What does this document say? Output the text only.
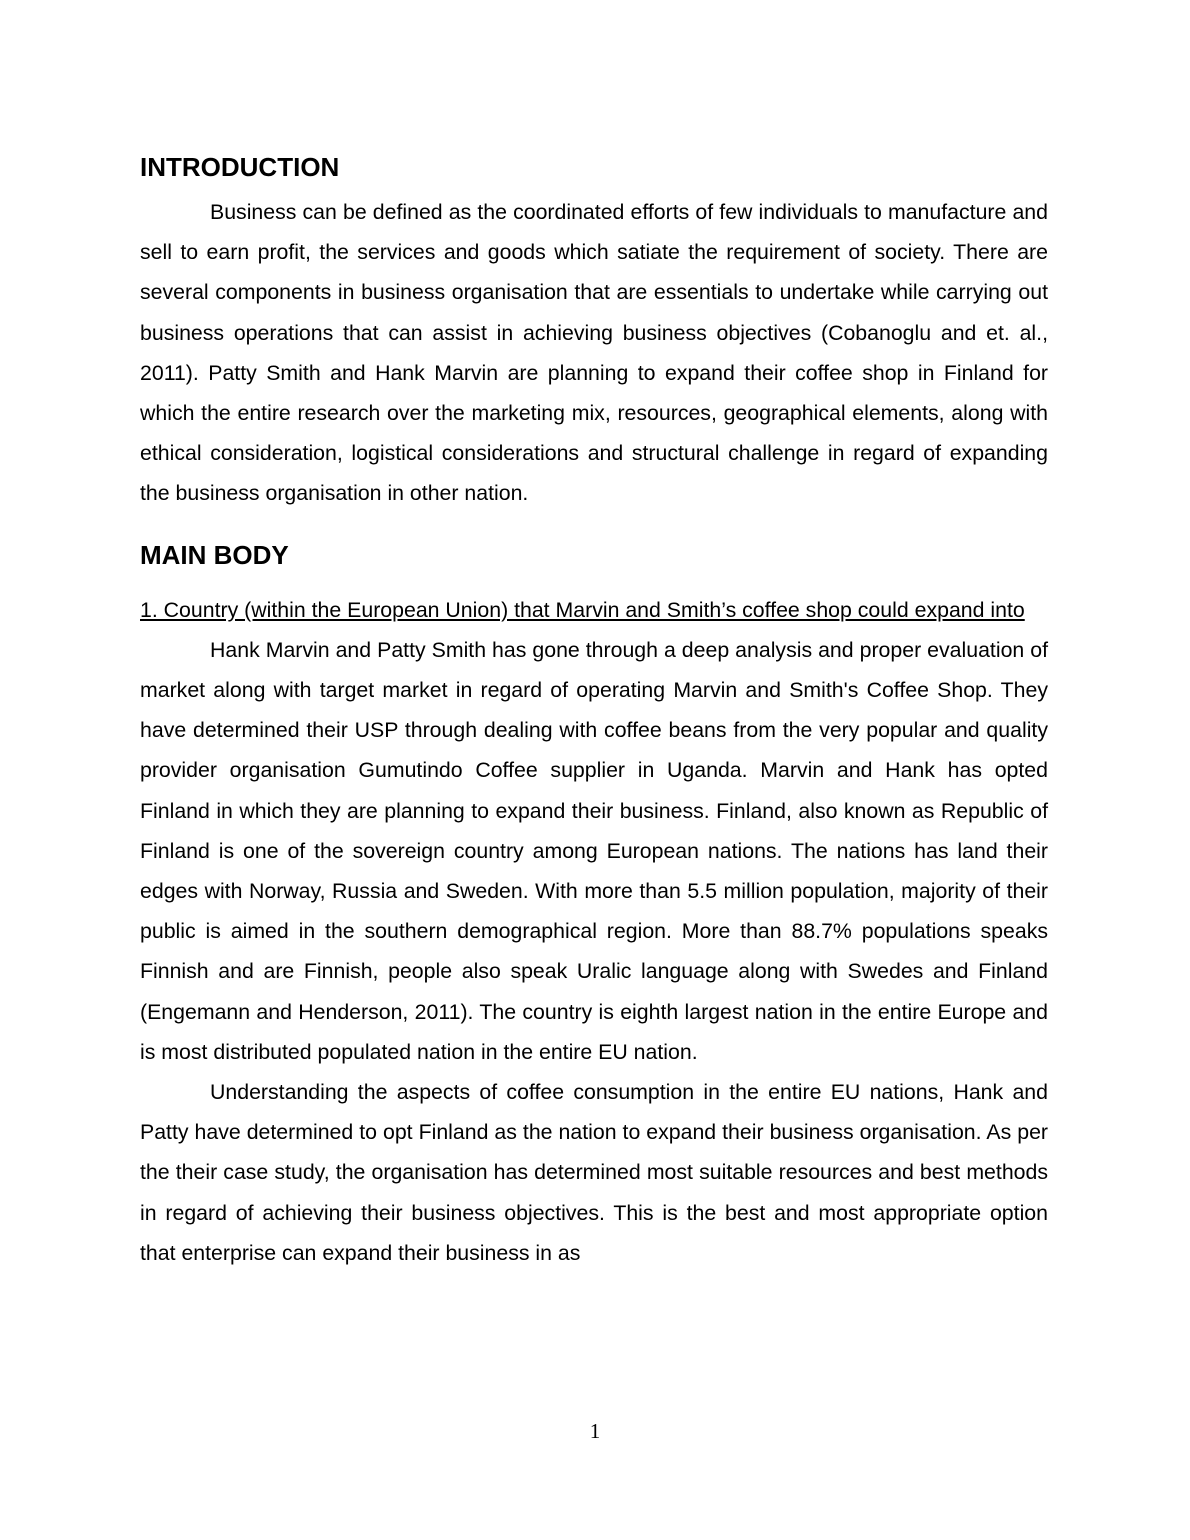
INTRODUCTION

Business can be defined as the coordinated efforts of few individuals to manufacture and sell to earn profit, the services and goods which satiate the requirement of society. There are several components in business organisation that are essentials to undertake while carrying out business operations that can assist in achieving business objectives (Cobanoglu and et. al., 2011). Patty Smith and Hank Marvin are planning to expand their coffee shop in Finland for which the entire research over the marketing mix, resources, geographical elements, along with ethical consideration, logistical considerations and structural challenge in regard of expanding the business organisation in other nation.

MAIN BODY
1. Country (within the European Union) that Marvin and Smith’s coffee shop could expand into

Hank Marvin and Patty Smith has gone through a deep analysis and proper evaluation of market along with target market in regard of operating Marvin and Smith's Coffee Shop. They have determined their USP through dealing with coffee beans from the very popular and quality provider organisation Gumutindo Coffee supplier in Uganda. Marvin and Hank has opted Finland in which they are planning to expand their business. Finland, also known as Republic of Finland is one of the sovereign country among European nations. The nations has land their edges with Norway, Russia and Sweden. With more than 5.5 million population, majority of their public is aimed in the southern demographical region. More than 88.7% populations speaks Finnish and are Finnish, people also speak Uralic language along with Swedes and Finland (Engemann and Henderson, 2011). The country is eighth largest nation in the entire Europe and is most distributed populated nation in the entire EU nation.

Understanding the aspects of coffee consumption in the entire EU nations, Hank and Patty have determined to opt Finland as the nation to expand their business organisation. As per the their case study, the organisation has determined most suitable resources and best methods in regard of achieving their business objectives. This is the best and most appropriate option that enterprise can expand their business in as

1
